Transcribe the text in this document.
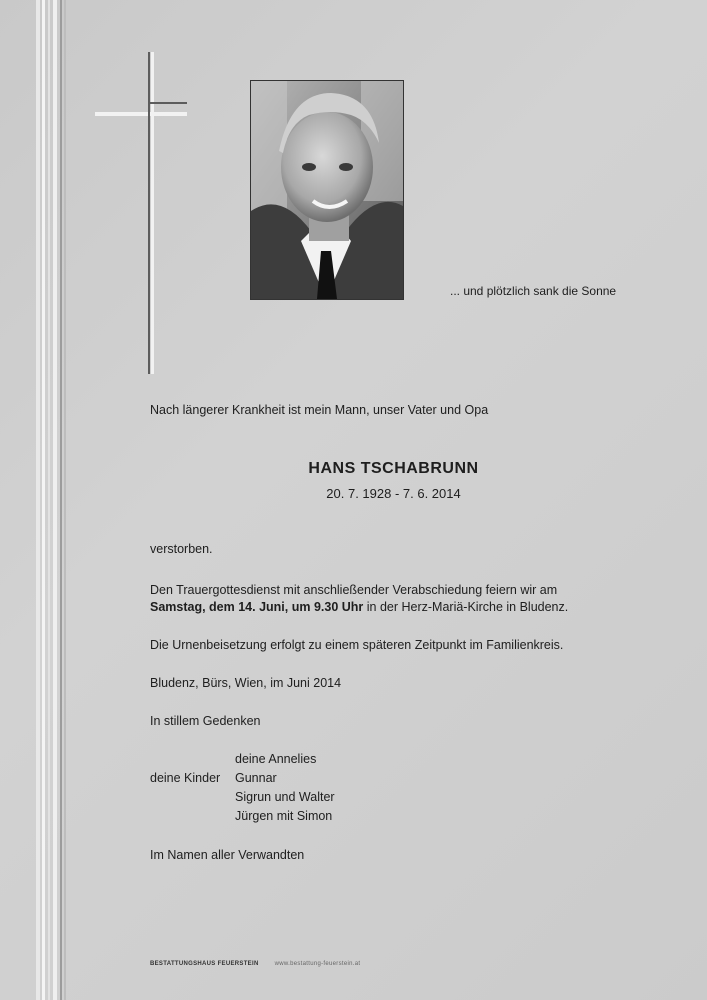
... und plötzlich sank die Sonne
Nach längerer Krankheit ist mein Mann, unser Vater und Opa
HANS TSCHABRUNN
20. 7. 1928 - 7. 6. 2014
verstorben.
Den Trauergottesdienst mit anschließender Verabschiedung feiern wir am
Samstag, dem 14. Juni, um 9.30 Uhr in der Herz-Mariä-Kirche in Bludenz.
Die Urnenbeisetzung erfolgt zu einem späteren Zeitpunkt im Familienkreis.
Bludenz, Bürs, Wien, im Juni 2014
In stillem Gedenken
deine Annelies
deine Kinder Gunnar
Sigrun und Walter
Jürgen mit Simon
Im Namen aller Verwandten
BESTATTUNGSHAUS FEUERSTEIN	www.bestattung-feuerstein.at
